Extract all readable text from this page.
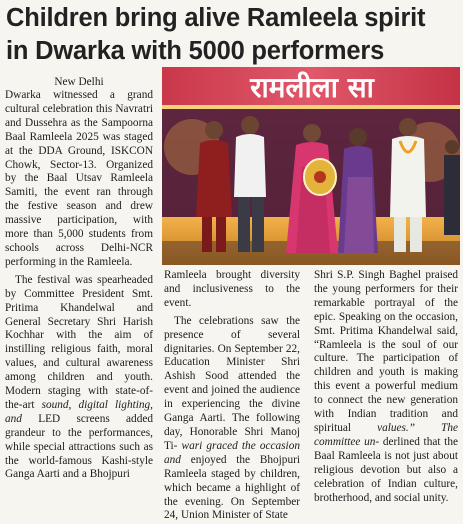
Children bring alive Ramleela spirit
in Dwarka with 5000 performers
रामलीला सा
New Delhi

Dwarka witnessed a grand cultural celebration this Navratri and Dussehra as the Sampoorna Baal Ramleela 2025 was staged at the DDA Ground, ISKCON Chowk, Sector-13. Organized by the Baal Utsav Ramleela Samiti, the event ran through the festive season and drew massive participation, with more than 5,000 students from schools across Delhi-NCR performing in the Ramleela.

The festival was spearheaded by Committee President Smt. Pritima Khandelwal and General Secretary Shri Harish Kochhar with the aim of instilling religious faith, moral values, and cultural awareness among children and youth. Modern staging with state-of-the-art sound, digital lighting, and LED screens added grandeur to the performances, while special attractions such as the world-famous Kashi-style Ganga Aarti and a Bhojpuri

Ramleela brought diversity and inclusiveness to the event.

The celebrations saw the presence of several dignitaries. On September 22, Education Minister Shri Ashish Sood attended the event and joined the audience in experiencing the divine Ganga Aarti. The following day, Honorable Shri Manoj Ti- wari graced the occasion and enjoyed the Bhojpuri Ramleela staged by children, which became a highlight of the evening. On September 24, Union Minister of State

Shri S.P. Singh Baghel praised the young performers for their remarkable portrayal of the epic. Speaking on the occasion, Smt. Pritima Khandelwal said, “Ramleela is the soul of our culture. The participation of children and youth is making this event a powerful medium to connect the new generation with Indian tradition and spiritual values.” The committee un- derlined that the Baal Ramleela is not just about religious devotion but also a celebration of Indian culture, brotherhood, and social unity.
